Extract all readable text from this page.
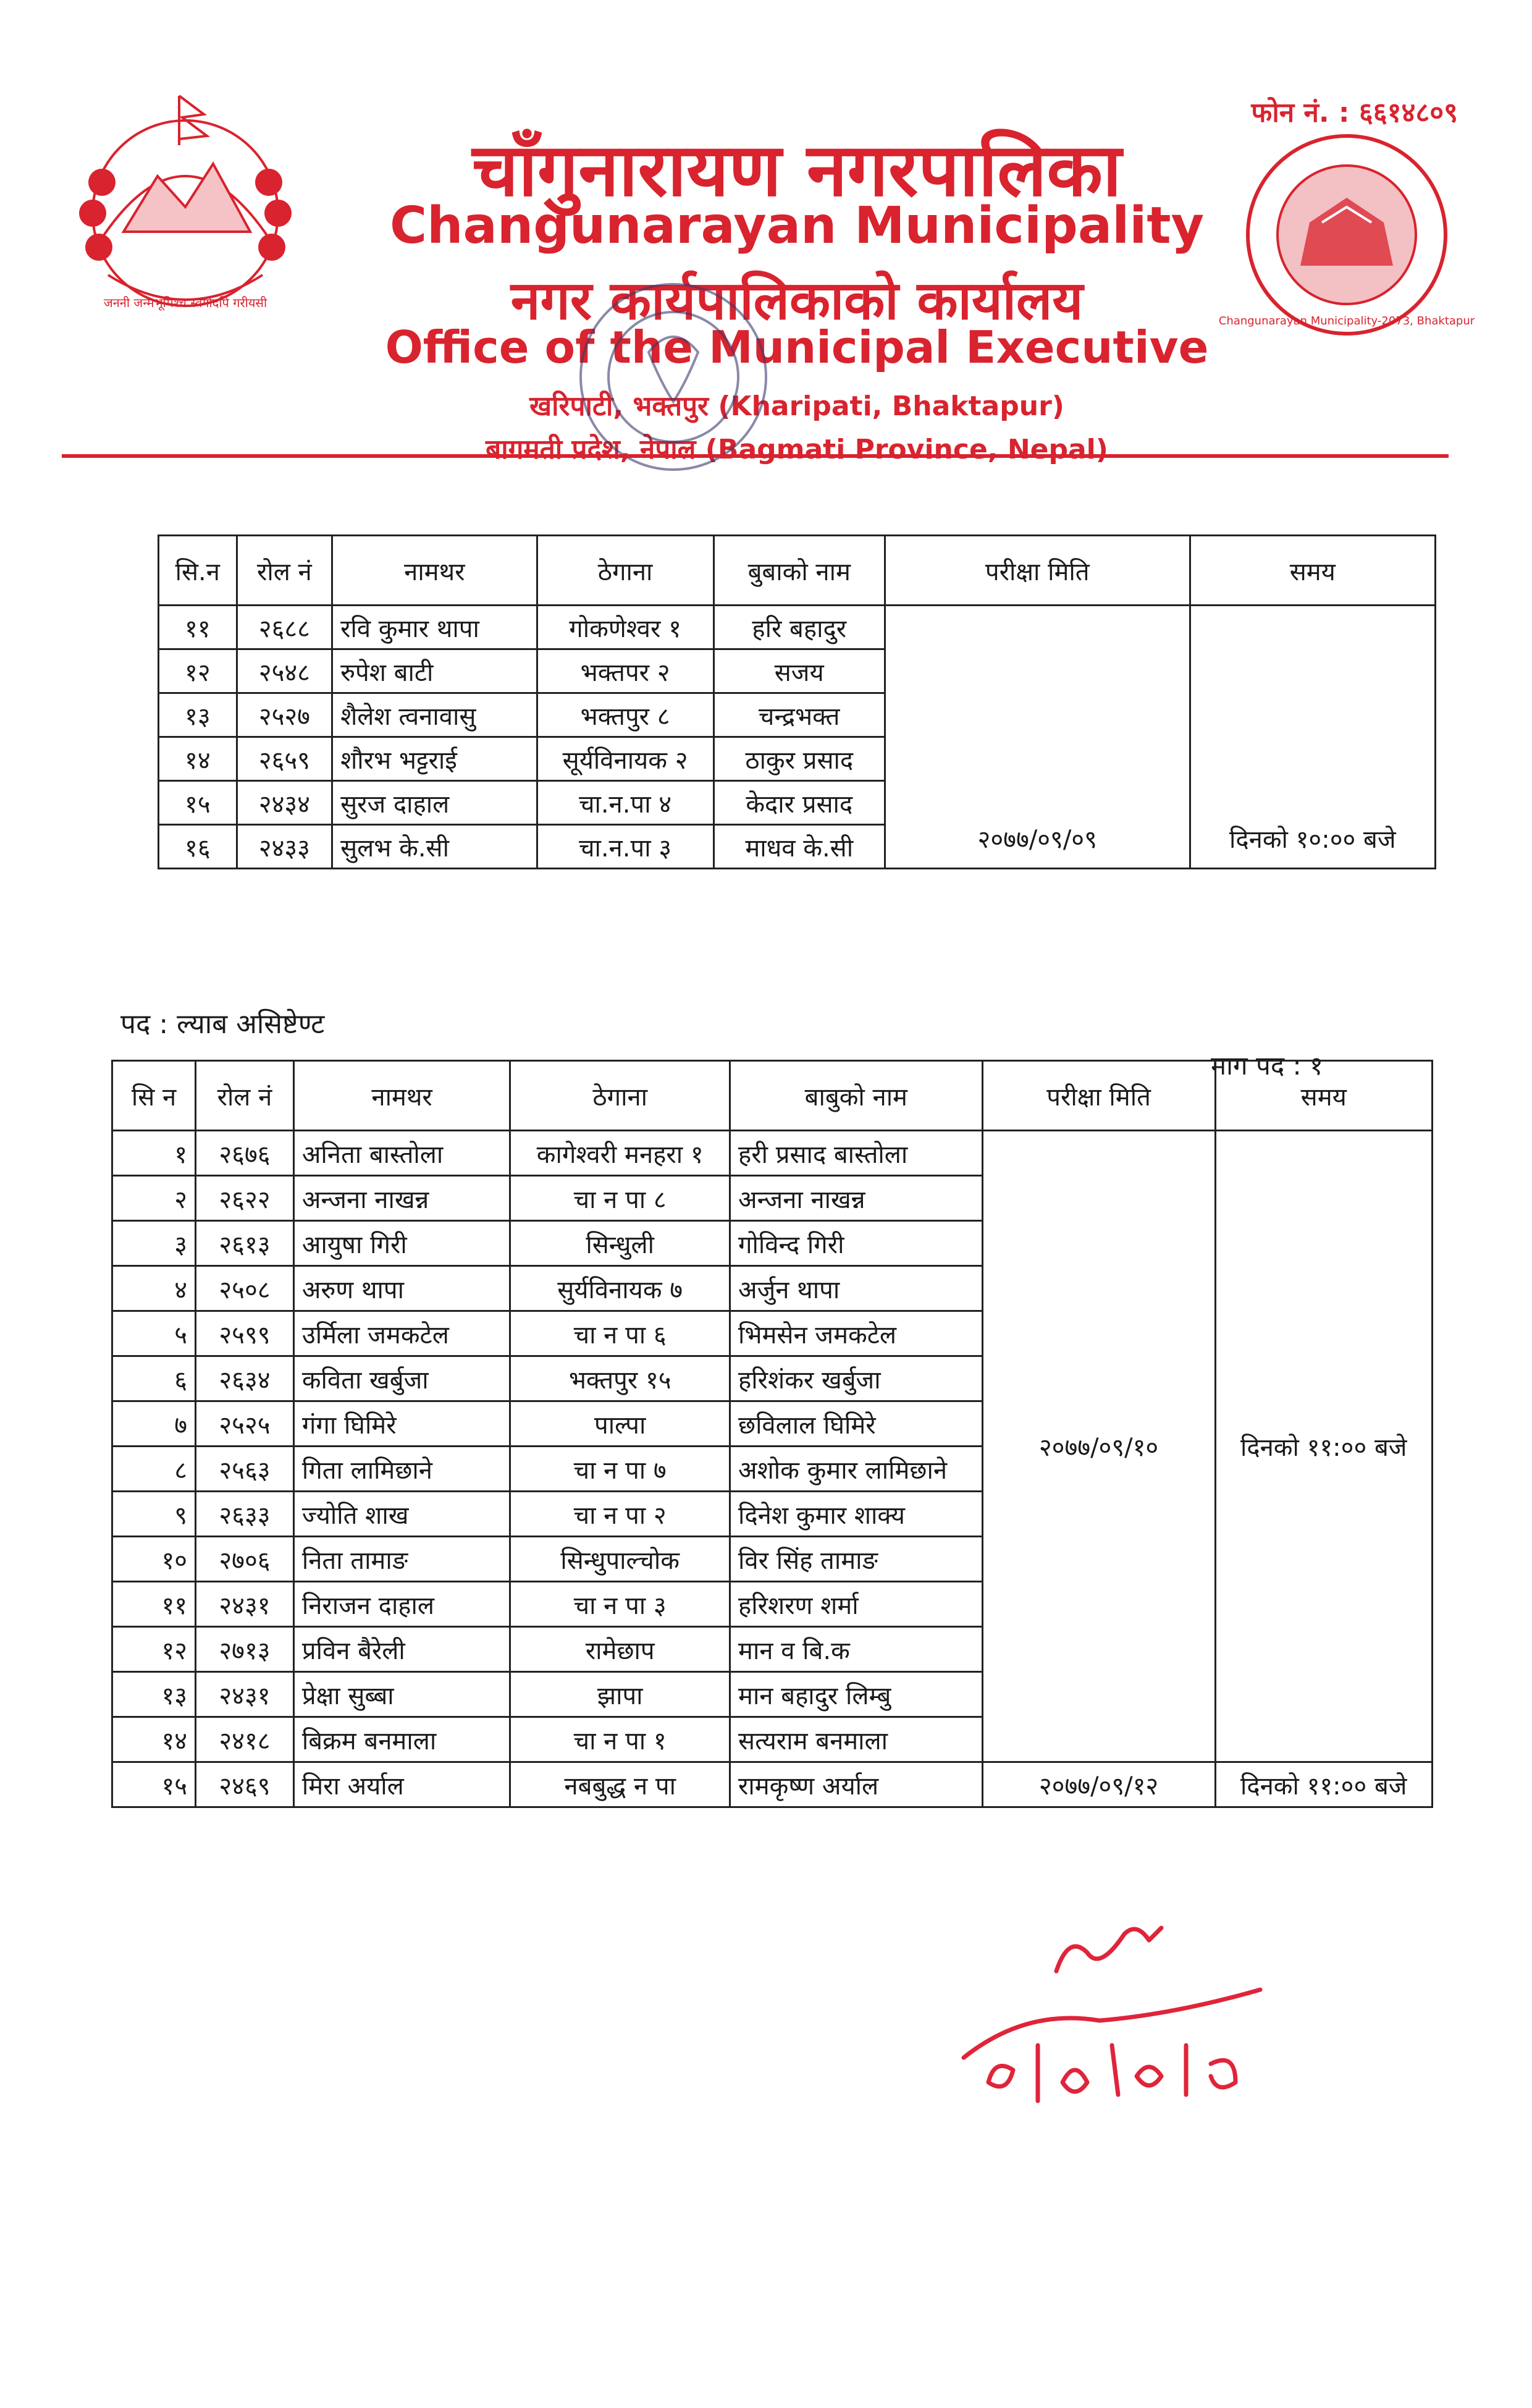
जननी जन्मभूमिश्च स्वर्गादपि गरीयसी
फोन नं. : ६६१४८०९
चाँगुनारायण नगरपालिका
Changunarayan Municipality
नगर कार्यपालिकाको कार्यालय
Office of the Municipal Executive
खरिपाटी, भक्तपुर (Kharipati, Bhaktapur)
बागमती प्रदेश, नेपाल (Bagmati Province, Nepal)
Changunarayan Municipality-2073, Bhaktapur
सि.न	रोल नं	नामथर	ठेगाना	बुबाको नाम	परीक्षा मिति	समय
११	२६८८	रवि कुमार थापा	गोकणेश्वर १	हरि बहादुर	२०७७/०९/०९	दिनको १०:०० बजे
१२	२५४८	रुपेश बाटी	भक्तपर २	सजय		
१३	२५२७	शैलेश त्वनावासु	भक्तपुर ८	चन्द्रभक्त		
१४	२६५९	शौरभ भट्टराई	सूर्यविनायक २	ठाकुर प्रसाद		
१५	२४३४	सुरज दाहाल	चा.न.पा ४	केदार प्रसाद		
१६	२४३३	सुलभ के.सी	चा.न.पा ३	माधव के.सी		
पद : ल्याब असिष्टेण्ट
माग पद : १
सि न	रोल नं	नामथर	ठेगाना	बाबुको नाम	परीक्षा मिति	समय
१	२६७६	अनिता बास्तोला	कागेश्वरी मनहरा १	हरी प्रसाद बास्तोला	२०७७/०९/१०	दिनको ११:०० बजे
२	२६२२	अन्जना नाखन्न	चा न पा ८	अन्जना नाखन्न		
३	२६१३	आयुषा गिरी	सिन्धुली	गोविन्द गिरी		
४	२५०८	अरुण थापा	सुर्यविनायक ७	अर्जुन थापा		
५	२५९९	उर्मिला जमकटेल	चा न पा ६	भिमसेन जमकटेल		
६	२६३४	कविता खर्बुजा	भक्तपुर १५	हरिशंकर खर्बुजा		
७	२५२५	गंगा घिमिरे	पाल्पा	छविलाल घिमिरे		
८	२५६३	गिता लामिछाने	चा न पा ७	अशोक कुमार लामिछाने		
९	२६३३	ज्योति शाख	चा न पा २	दिनेश कुमार शाक्य		
१०	२७०६	निता तामाङ	सिन्धुपाल्चोक	विर सिंह तामाङ		
११	२४३१	निराजन दाहाल	चा न पा ३	हरिशरण शर्मा		
१२	२७१३	प्रविन बैरेली	रामेछाप	मान व बि.क		
१३	२४३१	प्रेक्षा सुब्बा	झापा	मान बहादुर लिम्बु		
१४	२४१८	बिक्रम बनमाला	चा न पा १	सत्यराम बनमाला		
१५	२४६९	मिरा अर्याल	नबबुद्ध न पा	रामकृष्ण अर्याल	२०७७/०९/१२	दिनको ११:०० बजे
